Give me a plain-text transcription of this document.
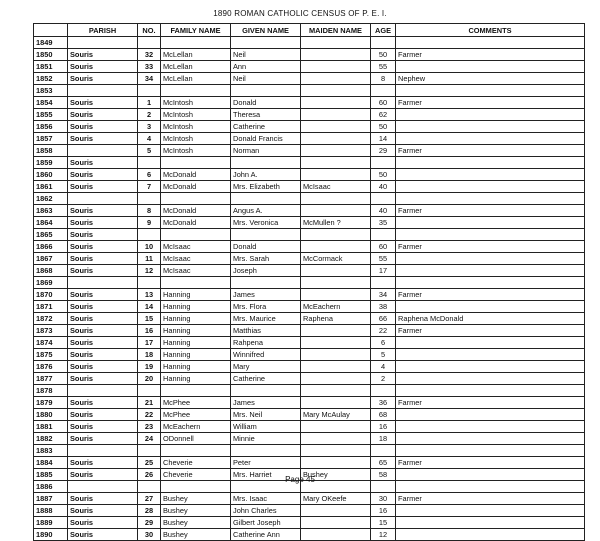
1890 ROMAN CATHOLIC CENSUS OF P. E. I.
	PARISH	NO.	FAMILY NAME	GIVEN NAME	MAIDEN NAME	AGE	COMMENTS
1849							
1850	Souris	32	McLellan	Neil		50	Farmer
1851	Souris	33	McLellan	Ann		55	
1852	Souris	34	McLellan	Neil		8	Nephew
1853							
1854	Souris	1	McIntosh	Donald		60	Farmer
1855	Souris	2	McIntosh	Theresa		62	
1856	Souris	3	McIntosh	Catherine		50	
1857	Souris	4	McIntosh	Donald Francis		14	
1858		5	McIntosh	Norman		29	Farmer
1859	Souris						
1860	Souris	6	McDonald	John A.		50	
1861	Souris	7	McDonald	Mrs. Elizabeth	McIsaac	40	
1862							
1863	Souris	8	McDonald	Angus A.		40	Farmer
1864	Souris	9	McDonald	Mrs. Veronica	McMullen ?	35	
1865	Souris						
1866	Souris	10	McIsaac	Donald		60	Farmer
1867	Souris	11	McIsaac	Mrs. Sarah	McCormack	55	
1868	Souris	12	McIsaac	Joseph		17	
1869							
1870	Souris	13	Hanning	James		34	Farmer
1871	Souris	14	Hanning	Mrs. Flora	McEachern	38	
1872	Souris	15	Hanning	Mrs. Maurice	Raphena	66	Raphena McDonald
1873	Souris	16	Hanning	Matthias		22	Farmer
1874	Souris	17	Hanning	Rahpena		6	
1875	Souris	18	Hanning	Winnifred		5	
1876	Souris	19	Hanning	Mary		4	
1877	Souris	20	Hanning	Catherine		2	
1878							
1879	Souris	21	McPhee	James		36	Farmer
1880	Souris	22	McPhee	Mrs. Neil	Mary McAulay	68	
1881	Souris	23	McEachern	William		16	
1882	Souris	24	ODonnell	Minnie		18	
1883							
1884	Souris	25	Cheverie	Peter		65	Farmer
1885	Souris	26	Cheverie	Mrs. Harriet	Bushey	58	
1886							
1887	Souris	27	Bushey	Mrs. Isaac	Mary OKeefe	30	Farmer
1888	Souris	28	Bushey	John Charles		16	
1889	Souris	29	Bushey	Gilbert Joseph		15	
1890	Souris	30	Bushey	Catherine Ann		12	
Page 45
